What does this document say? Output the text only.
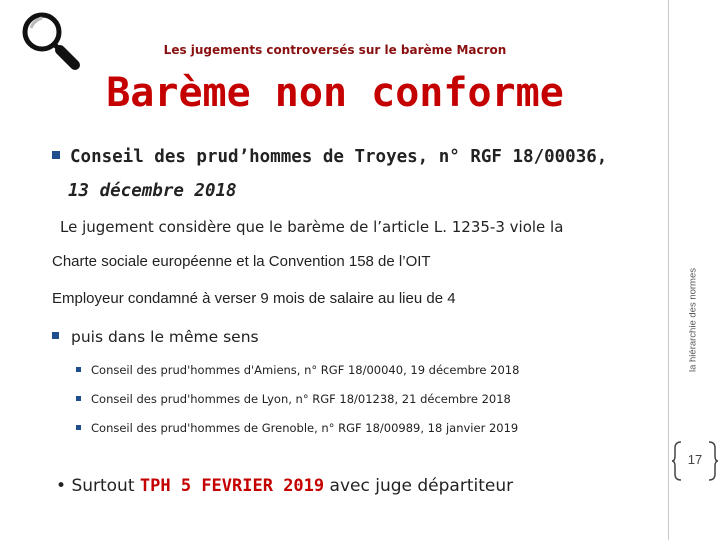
Les jugements controversés sur le barème Macron
Barème non conforme
Conseil des prud’hommes de Troyes, n° RGF 18/00036,
13 décembre 2018
Le jugement considère que le barème de l’article L. 1235-3 viole la
Charte sociale européenne et la Convention 158 de l’OIT
Employeur condamné à verser 9 mois de salaire au lieu de 4
puis dans le même sens
Conseil des prud'hommes d'Amiens, n° RGF 18/00040, 19 décembre 2018
Conseil des prud'hommes de Lyon, n° RGF 18/01238, 21 décembre 2018
Conseil des prud'hommes de Grenoble, n° RGF 18/00989, 18 janvier 2019
• Surtout TPH 5 FEVRIER 2019 avec juge départiteur
la hiérarchie des normes
17
